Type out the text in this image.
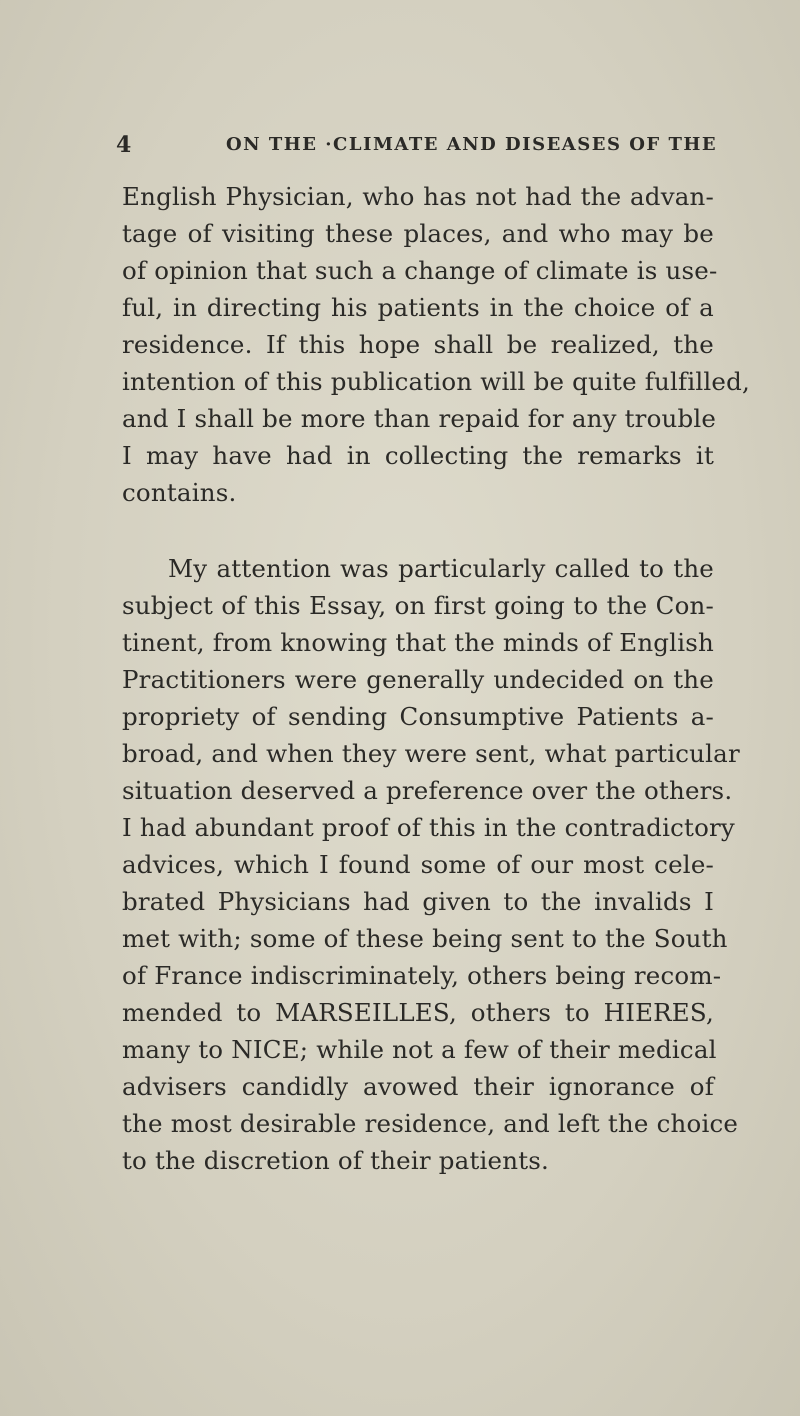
4	ON THE ·CLIMATE AND DISEASES OF THE
English Physician, who has not had the advan-
tage of visiting these places, and who may be
of opinion that such a change of climate is use-
ful, in directing his patients in the choice of a
residence. If this hope shall be realized, the
intention of this publication will be quite fulfilled,
and I shall be more than repaid for any trouble
I may have had in collecting the remarks it
contains.
My attention was particularly called to the
subject of this Essay, on first going to the Con-
tinent, from knowing that the minds of English
Practitioners were generally undecided on the
propriety of sending Consumptive Patients a-
broad, and when they were sent, what particular
situation deserved a preference over the others.
I had abundant proof of this in the contradictory
advices, which I found some of our most cele-
brated Physicians had given to the invalids I
met with; some of these being sent to the South
of France indiscriminately, others being recom-
mended to MARSEILLES, others to HIERES,
many to NICE; while not a few of their medical
advisers candidly avowed their ignorance of
the most desirable residence, and left the choice
to the discretion of their patients.
